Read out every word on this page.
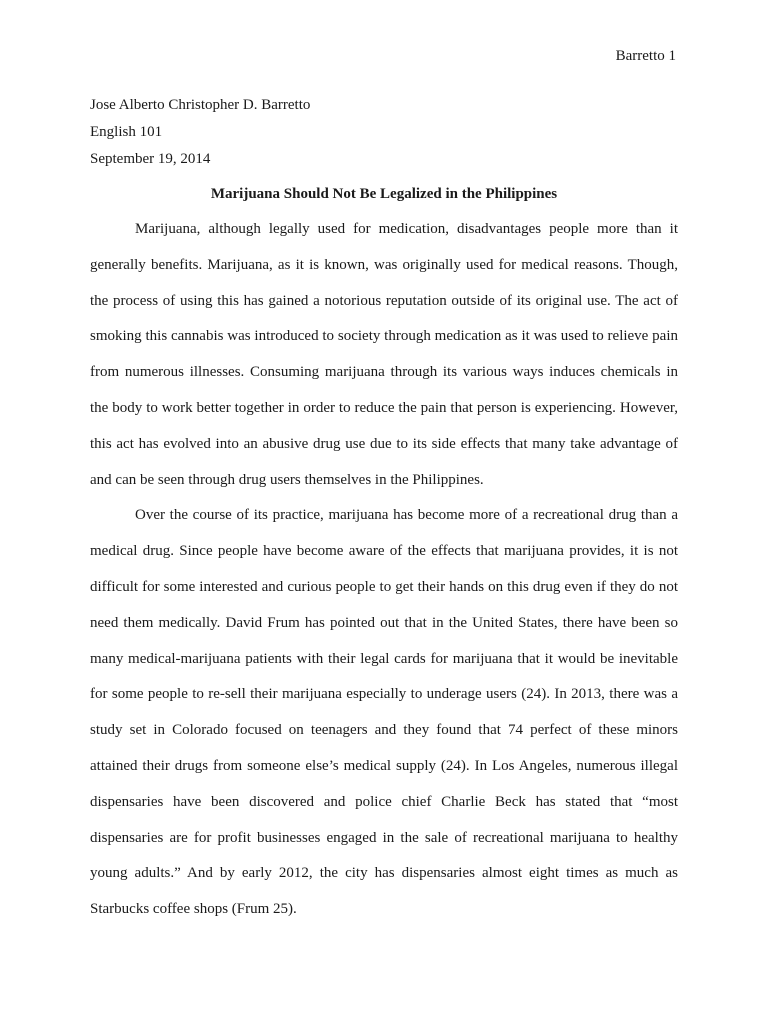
Barretto 1
Jose Alberto Christopher D. Barretto
English 101
September 19, 2014
Marijuana Should Not Be Legalized in the Philippines

Marijuana, although legally used for medication, disadvantages people more than it generally benefits. Marijuana, as it is known, was originally used for medical reasons. Though, the process of using this has gained a notorious reputation outside of its original use. The act of smoking this cannabis was introduced to society through medication as it was used to relieve pain from numerous illnesses. Consuming marijuana through its various ways induces chemicals in the body to work better together in order to reduce the pain that person is experiencing. However, this act has evolved into an abusive drug use due to its side effects that many take advantage of and can be seen through drug users themselves in the Philippines.

Over the course of its practice, marijuana has become more of a recreational drug than a medical drug. Since people have become aware of the effects that marijuana provides, it is not difficult for some interested and curious people to get their hands on this drug even if they do not need them medically. David Frum has pointed out that in the United States, there have been so many medical-marijuana patients with their legal cards for marijuana that it would be inevitable for some people to re-sell their marijuana especially to underage users (24). In 2013, there was a study set in Colorado focused on teenagers and they found that 74 perfect of these minors attained their drugs from someone else’s medical supply (24). In Los Angeles, numerous illegal dispensaries have been discovered and police chief Charlie Beck has stated that “most dispensaries are for profit businesses engaged in the sale of recreational marijuana to healthy young adults.” And by early 2012, the city has dispensaries almost eight times as much as Starbucks coffee shops (Frum 25).
